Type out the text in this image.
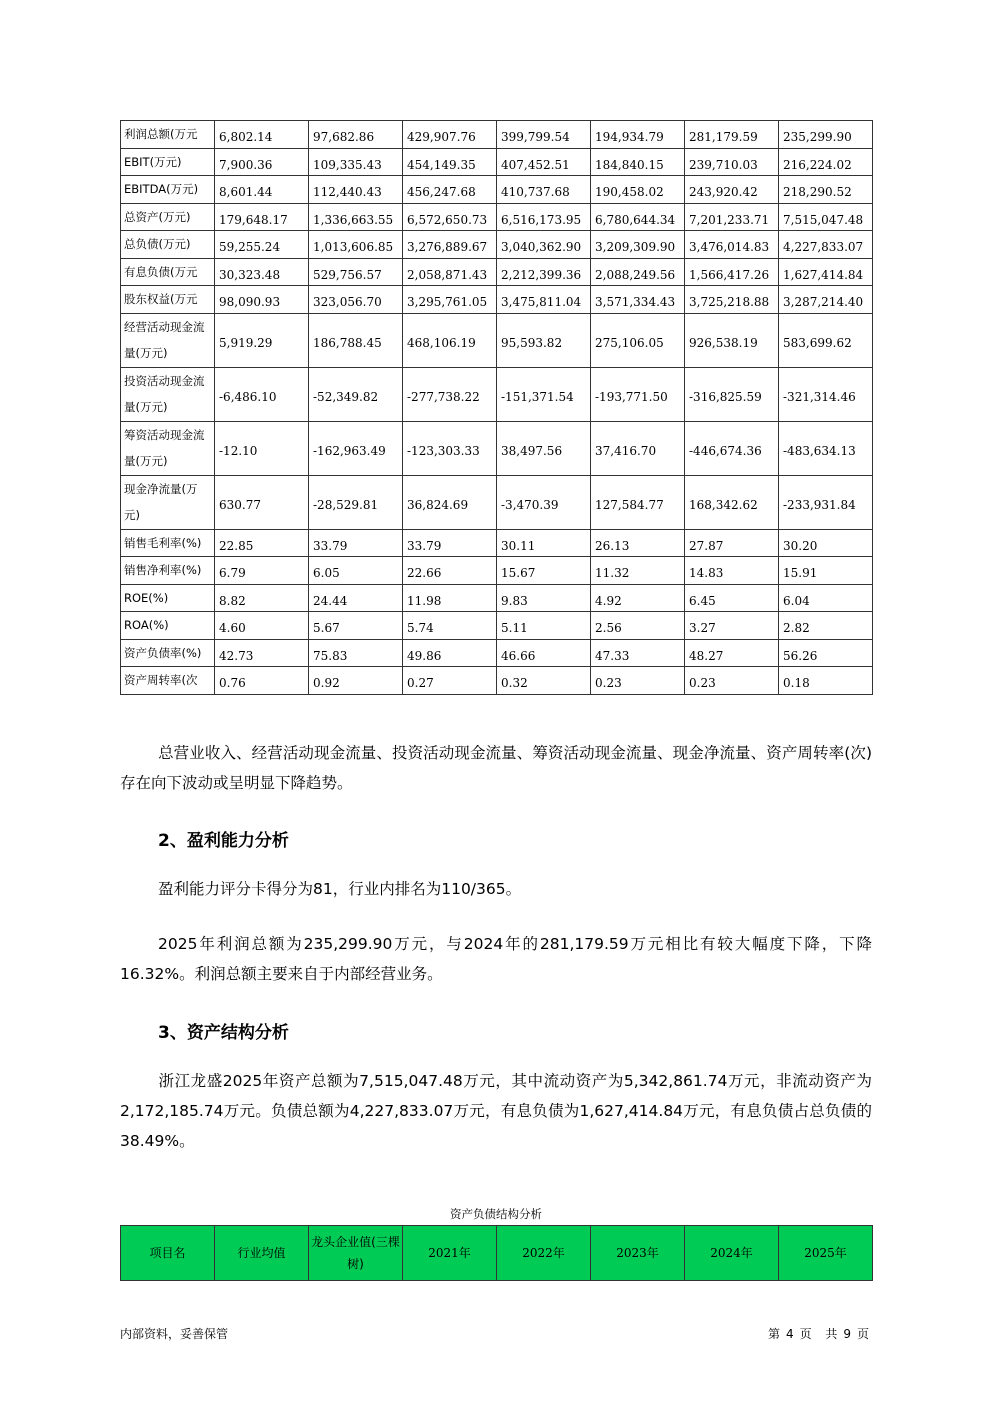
利润总额(万元	6,802.14	97,682.86	429,907.76	399,799.54	194,934.79	281,179.59	235,299.90
EBIT(万元)	7,900.36	109,335.43	454,149.35	407,452.51	184,840.15	239,710.03	216,224.02
EBITDA(万元)	8,601.44	112,440.43	456,247.68	410,737.68	190,458.02	243,920.42	218,290.52
总资产(万元)	179,648.17	1,336,663.55	6,572,650.73	6,516,173.95	6,780,644.34	7,201,233.71	7,515,047.48
总负债(万元)	59,255.24	1,013,606.85	3,276,889.67	3,040,362.90	3,209,309.90	3,476,014.83	4,227,833.07
有息负债(万元	30,323.48	529,756.57	2,058,871.43	2,212,399.36	2,088,249.56	1,566,417.26	1,627,414.84
股东权益(万元	98,090.93	323,056.70	3,295,761.05	3,475,811.04	3,571,334.43	3,725,218.88	3,287,214.40
经营活动现金流量(万元)	5,919.29	186,788.45	468,106.19	95,593.82	275,106.05	926,538.19	583,699.62
投资活动现金流量(万元)	-6,486.10	-52,349.82	-277,738.22	-151,371.54	-193,771.50	-316,825.59	-321,314.46
筹资活动现金流量(万元)	-12.10	-162,963.49	-123,303.33	38,497.56	37,416.70	-446,674.36	-483,634.13
现金净流量(万元)	630.77	-28,529.81	36,824.69	-3,470.39	127,584.77	168,342.62	-233,931.84
销售毛利率(%)	22.85	33.79	33.79	30.11	26.13	27.87	30.20
销售净利率(%)	6.79	6.05	22.66	15.67	11.32	14.83	15.91
ROE(%)	8.82	24.44	11.98	9.83	4.92	6.45	6.04
ROA(%)	4.60	5.67	5.74	5.11	2.56	3.27	2.82
资产负债率(%)	42.73	75.83	49.86	46.66	47.33	48.27	56.26
资产周转率(次	0.76	0.92	0.27	0.32	0.23	0.23	0.18

总营业收入、经营活动现金流量、投资活动现金流量、筹资活动现金流量、现金净流量、资产周转率(次)存在向下波动或呈明显下降趋势。

2、盈利能力分析

盈利能力评分卡得分为81，行业内排名为110/365。

2025年利润总额为235,299.90万元，与2024年的281,179.59万元相比有较大幅度下降，下降16.32%。利润总额主要来自于内部经营业务。

3、资产结构分析

浙江龙盛2025年资产总额为7,515,047.48万元，其中流动资产为5,342,861.74万元，非流动资产为2,172,185.74万元。负债总额为4,227,833.07万元，有息负债为1,627,414.84万元，有息负债占总负债的38.49%。

资产负债结构分析
项目名	行业均值	龙头企业值(三棵树)	2021年	2022年	2023年	2024年	2025年
内部资料，妥善保管	第 4 页 共 9 页
